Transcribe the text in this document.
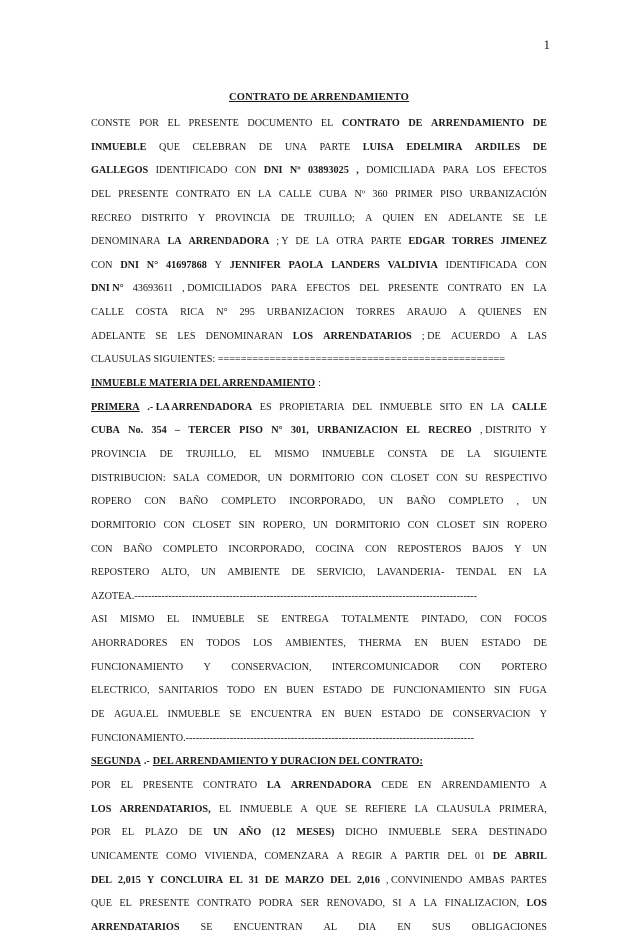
1
CONTRATO DE ARRENDAMIENTO
CONSTE POR EL PRESENTE DOCUMENTO EL CONTRATO DE ARRENDAMIENTO DE
INMUEBLE QUE CELEBRAN DE UNA PARTE LUISA EDELMIRA ARDILES DE
GALLEGOS IDENTIFICADO CON DNI Nº 03893025 , DOMICILIADA PARA LOS EFECTOS
DEL PRESENTE CONTRATO EN LA CALLE CUBA Nº 360 PRIMER PISO URBANIZACIÓN
RECREO DISTRITO Y PROVINCIA DE TRUJILLO; A QUIEN EN ADELANTE SE LE
DENOMINARA LA ARRENDADORA ; Y DE LA OTRA PARTE EDGAR TORRES JIMENEZ
CON DNI N° 41697868 Y JENNIFER PAOLA LANDERS VALDIVIA IDENTIFICADA CON
DNI N° 43693611 , DOMICILIADOS PARA EFECTOS DEL PRESENTE CONTRATO EN LA
CALLE COSTA RICA N° 295 URBANIZACION TORRES ARAUJO A QUIENES EN
ADELANTE SE LES DENOMINARAN LOS ARRENDATARIOS ; DE ACUERDO A LAS
CLAUSULAS SIGUIENTES: ==================================================
INMUEBLE MATERIA DEL ARRENDAMIENTO :
PRIMERA .- LA ARRENDADORA ES PROPIETARIA DEL INMUEBLE SITO EN LA CALLE
CUBA No. 354 – TERCER PISO N° 301, URBANIZACION EL RECREO , DISTRITO Y
PROVINCIA DE TRUJILLO, EL MISMO INMUEBLE CONSTA DE LA SIGUIENTE
DISTRIBUCION: SALA COMEDOR, UN DORMITORIO CON CLOSET CON SU RESPECTIVO
ROPERO CON BAÑO COMPLETO INCORPORADO, UN BAÑO COMPLETO , UN
DORMITORIO CON CLOSET SIN ROPERO, UN DORMITORIO CON CLOSET SIN ROPERO
CON BAÑO COMPLETO INCORPORADO, COCINA CON REPOSTEROS BAJOS Y UN
REPOSTERO ALTO, UN AMBIENTE DE SERVICIO, LAVANDERIA- TENDAL EN LA
AZOTEA.-----------------------------------------------------------------------------------------------------
ASI MISMO EL INMUEBLE SE ENTREGA TOTALMENTE PINTADO, CON FOCOS
AHORRADORES EN TODOS LOS AMBIENTES, THERMA EN BUEN ESTADO DE
FUNCIONAMIENTO Y CONSERVACION, INTERCOMUNICADOR CON PORTERO
ELECTRICO, SANITARIOS TODO EN BUEN ESTADO DE FUNCIONAMIENTO SIN FUGA
DE AGUA.EL INMUEBLE SE ENCUENTRA EN BUEN ESTADO DE CONSERVACION Y
FUNCIONAMIENTO.-------------------------------------------------------------------------------------
SEGUNDA .- DEL ARRENDAMIENTO Y DURACION DEL CONTRATO:
POR EL PRESENTE CONTRATO LA ARRENDADORA CEDE EN ARRENDAMIENTO A
LOS ARRENDATARIOS, EL INMUEBLE A QUE SE REFIERE LA CLAUSULA PRIMERA,
POR EL PLAZO DE UN AÑO (12 MESES) DICHO INMUEBLE SERA DESTINADO
UNICAMENTE COMO VIVIENDA, COMENZARA A REGIR A PARTIR DEL 01 DE ABRIL
DEL 2,015 Y CONCLUIRA EL 31 DE MARZO DEL 2,016 , CONVINIENDO AMBAS PARTES
QUE EL PRESENTE CONTRATO PODRA SER RENOVADO, SI A LA FINALIZACION, LOS
ARRENDATARIOS SE ENCUENTRAN AL DIA EN SUS OBLIGACIONES
